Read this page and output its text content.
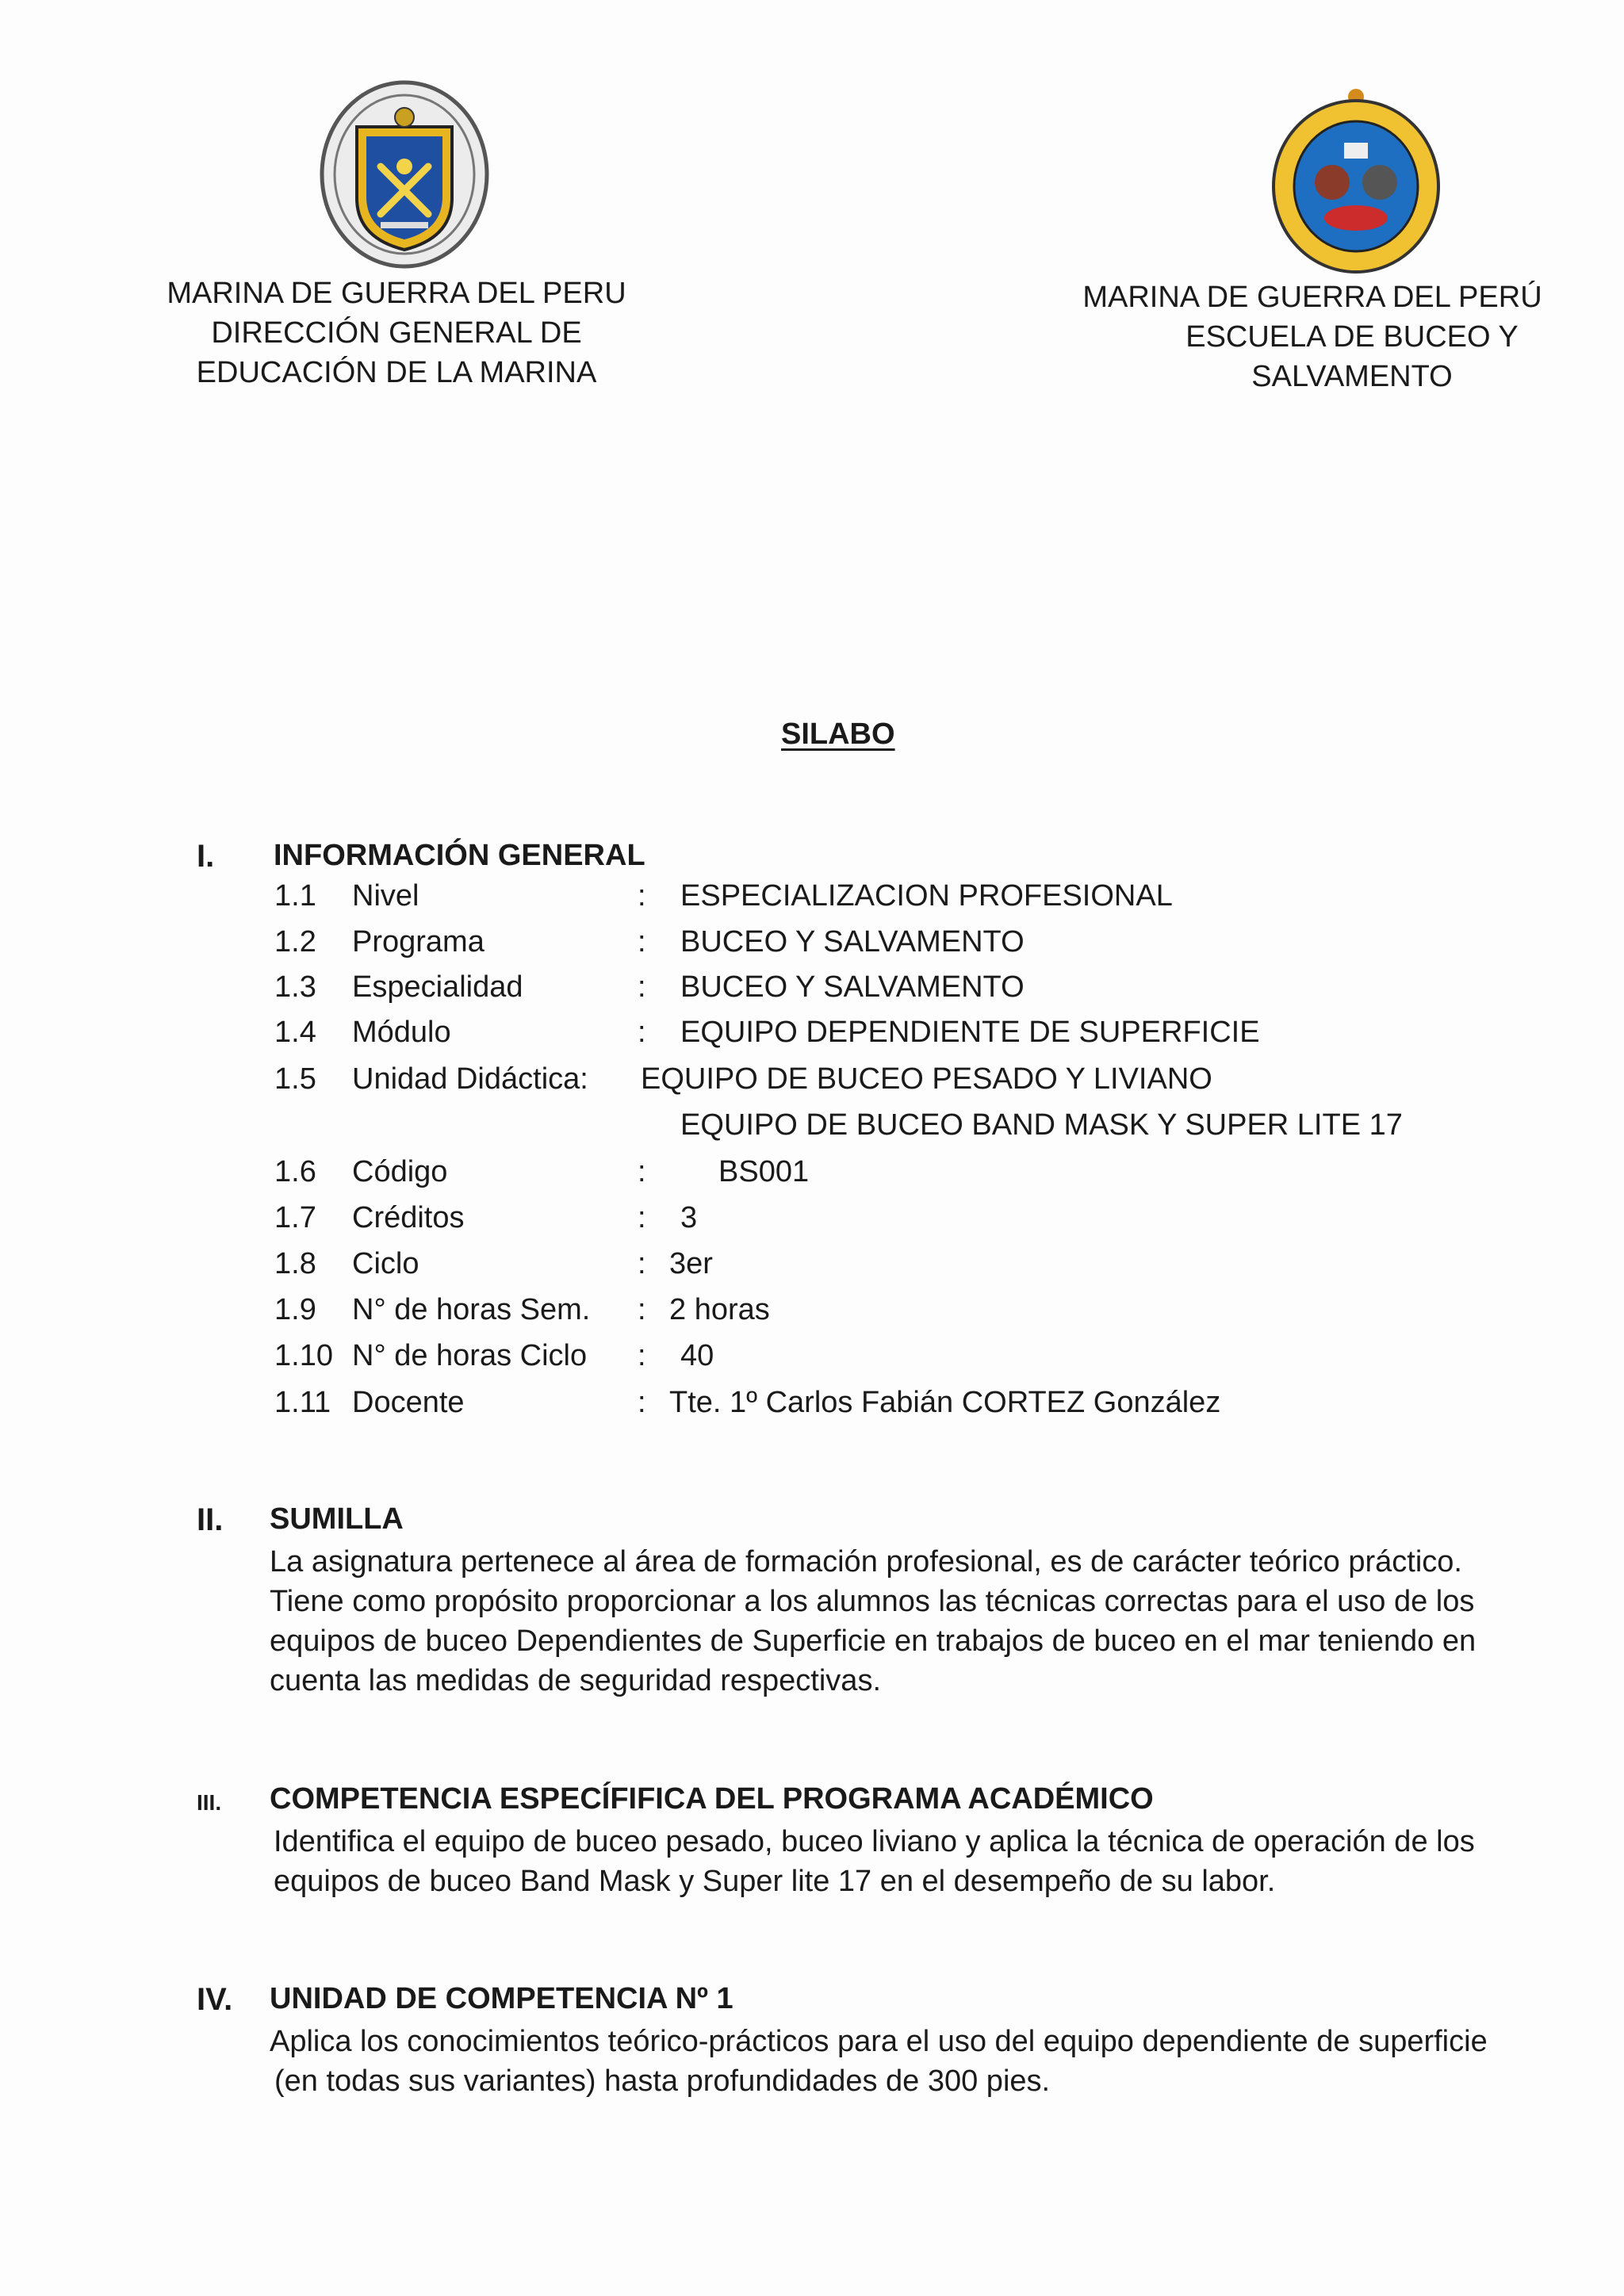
MARINA DE GUERRA DEL PERU
DIRECCIÓN GENERAL DE
EDUCACIÓN DE LA MARINA
MARINA DE GUERRA DEL PERÚ
ESCUELA DE BUCEO Y
SALVAMENTO
SILABO
I. INFORMACIÓN GENERAL
1.1 Nivel	: ESPECIALIZACION PROFESIONAL
1.2 Programa	: BUCEO Y SALVAMENTO
1.3 Especialidad	: BUCEO Y SALVAMENTO
1.4 Módulo	: EQUIPO DEPENDIENTE DE SUPERFICIE
1.5 Unidad Didáctica: EQUIPO DE BUCEO PESADO Y LIVIANO
EQUIPO DE BUCEO BAND MASK Y SUPER LITE 17
1.6 Código	: BS001
1.7 Créditos	: 3
1.8 Ciclo	: 3er
1.9 N° de horas Sem. : 2 horas
1.10 N° de horas Ciclo : 40
1.11 Docente	: Tte. 1º Carlos Fabián CORTEZ González
II. SUMILLA
La asignatura pertenece al área de formación profesional, es de carácter teórico práctico.
Tiene como propósito proporcionar a los alumnos las técnicas correctas para el uso de los
equipos de buceo Dependientes de Superficie en trabajos de buceo en el mar teniendo en
cuenta las medidas de seguridad respectivas.
III. COMPETENCIA ESPECÍFIFICA DEL PROGRAMA ACADÉMICO
Identifica el equipo de buceo pesado, buceo liviano y aplica la técnica de operación de los
equipos de buceo Band Mask y Super lite 17 en el desempeño de su labor.
IV. UNIDAD DE COMPETENCIA Nº 1
Aplica los conocimientos teórico-prácticos para el uso del equipo dependiente de superficie
(en todas sus variantes) hasta profundidades de 300 pies.
